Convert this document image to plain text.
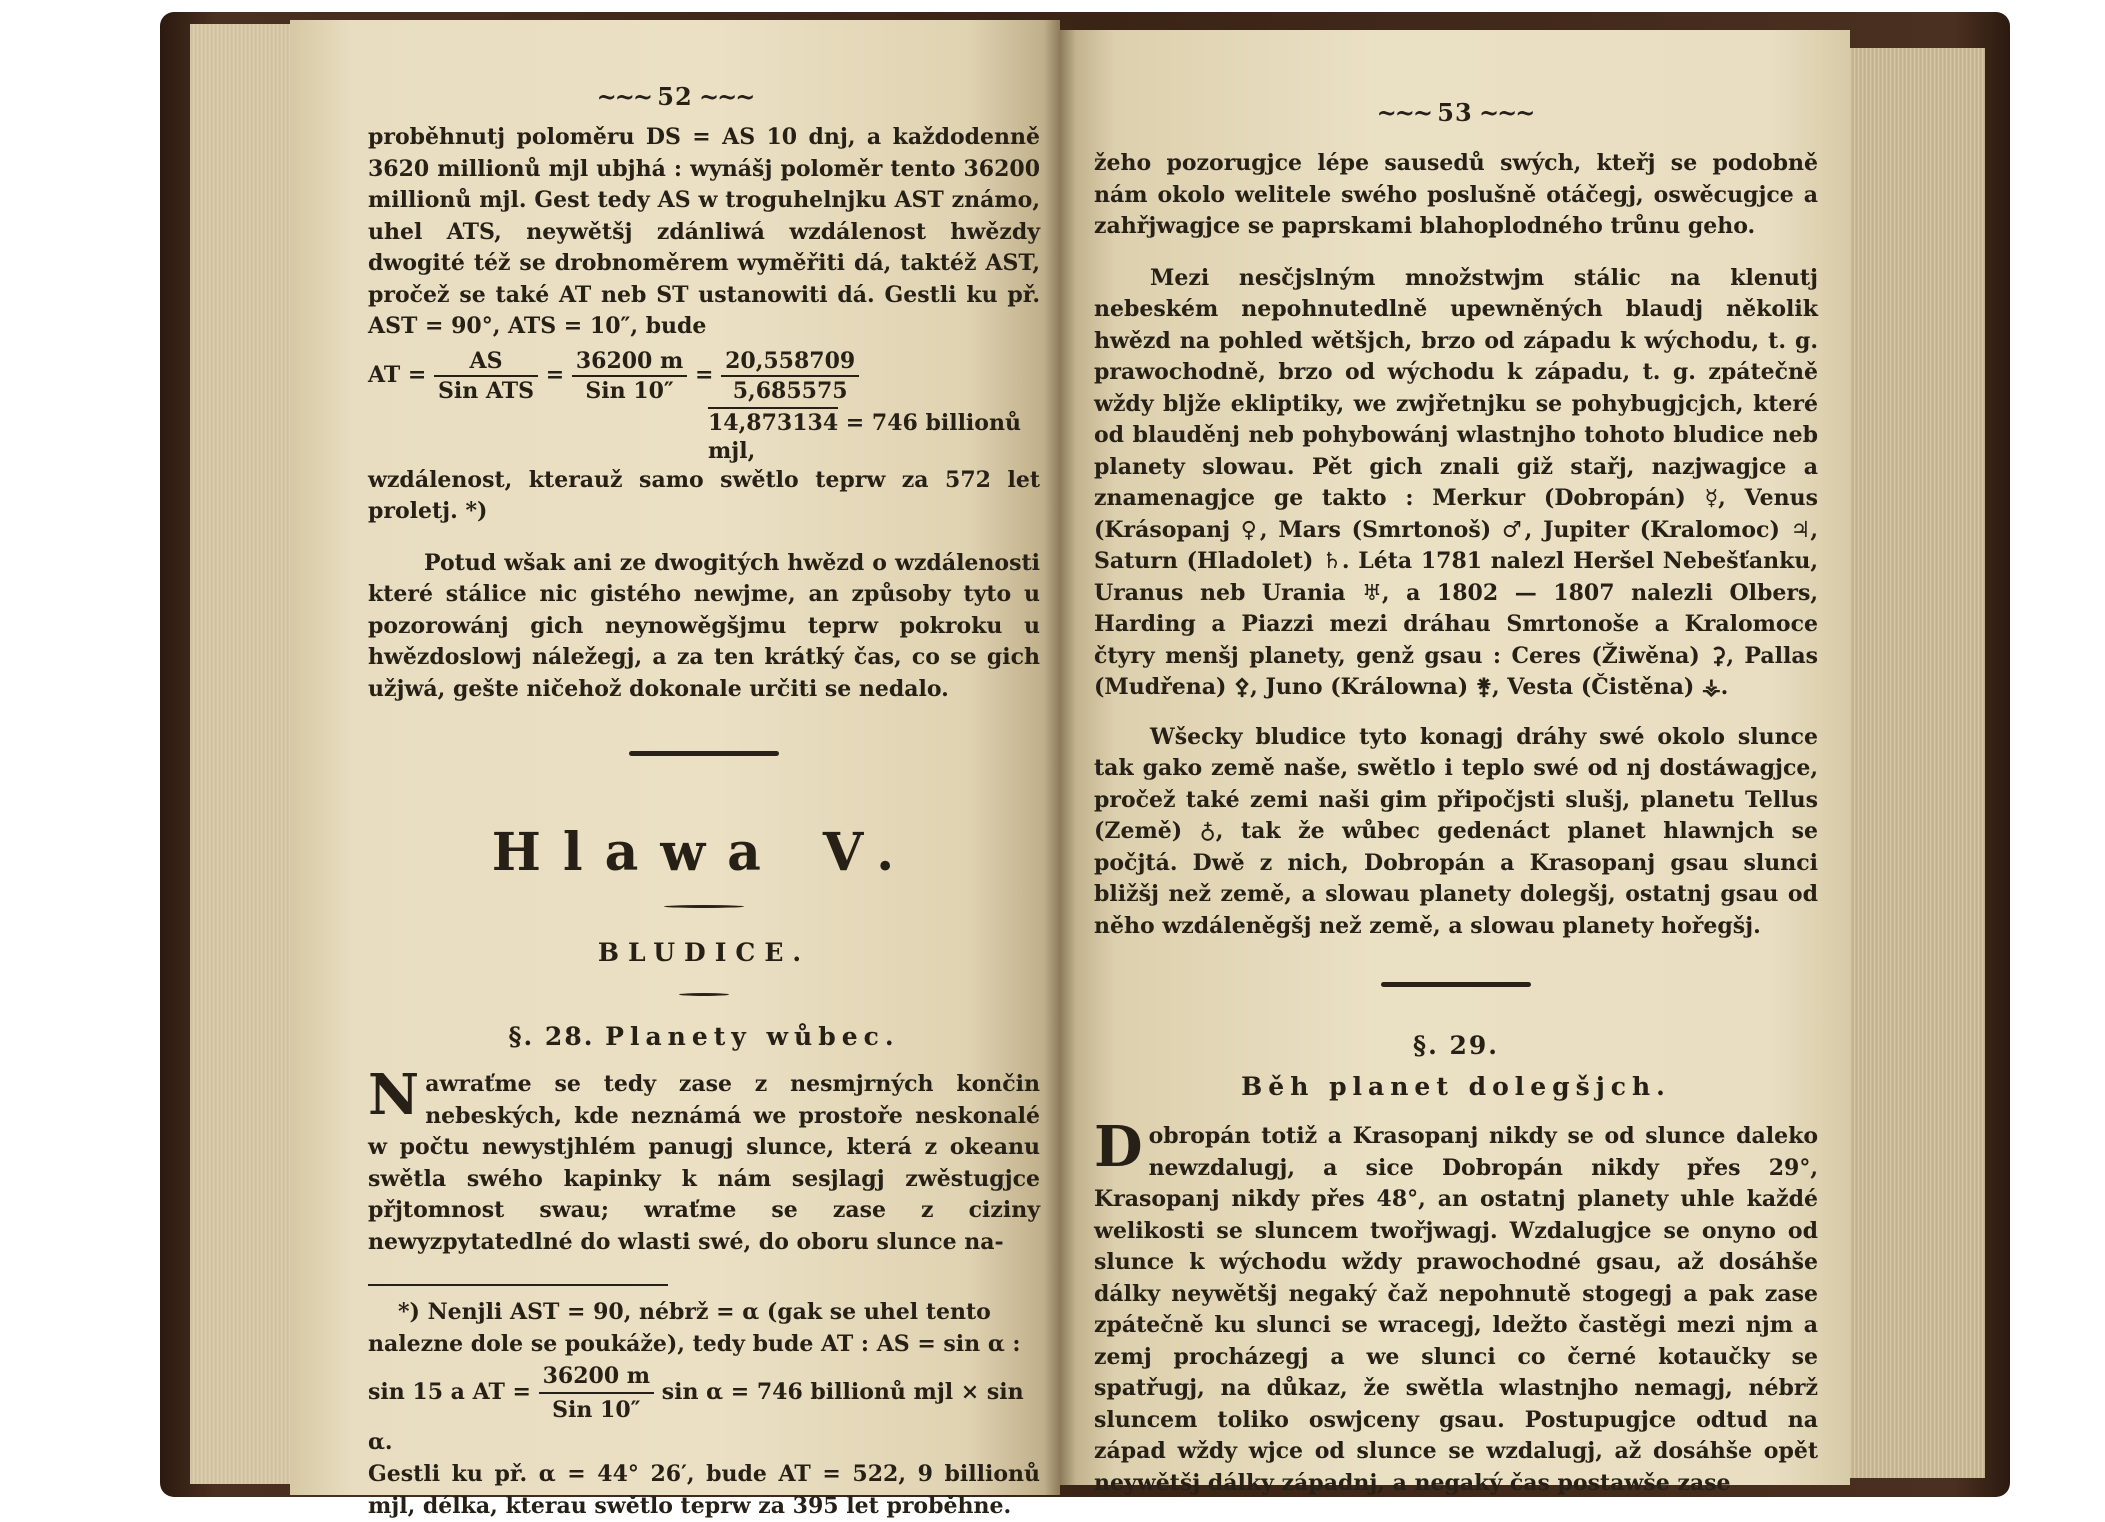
~~~ 52 ~~~

proběhnutj poloměru DS = AS 10 dnj, a každodenně 3620 millionů mjl ubjhá : wynášj poloměr tento 36200 millionů mjl. Gest tedy AS w troguhelnjku AST známo, uhel ATS, neywětšj zdánliwá wzdálenost hwězdy dwogité též se drobnoměrem wyměřiti dá, taktéž AST, pročež se také AT neb ST ustanowiti dá. Gestli ku př. AST = 90°, ATS = 10″, bude

AT = $\frac{AS}{\text{Sin ATS}} = \frac{36200 m}{\text{Sin 10″}} = \frac{20,558709}{5,685575}$
14,873134 = 746 billionů mjl,

wzdálenost, kterauž samo swětlo teprw za 572 let proletj. *)

Potud wšak ani ze dwogitých hwězd o wzdálenosti které stálice nic gistého newjme, an způsoby tyto u pozorowánj gich neynowěgšjmu teprw pokroku u hwězdoslowj náležegj, a za ten krátký čas, co se gich užjwá, gešte ničehož dokonale určiti se nedalo.

Hlawa V.
BLUDICE.
§. 28. Planety wůbec.
N awraťme se tedy zase z nesmjrných končin nebeských, kde neznámá we prostoře neskonalé w počtu newystjhlém panugj slunce, která z okeanu swětla swého kapinky k nám sesjlagj zwěstugjce přjtomnost swau; wraťme se zase z ciziny newyzpytatedlné do wlasti swé, do oboru slunce na-

*) Nenjli AST = 90, nébrž = α (gak se uhel tento nalezne dole se poukáže), tedy bude AT : AS = sin α :
sin 15 a AT = $\frac{36200 m}{\text{Sin 10″}}$ sin α = 746 billionů mjl × sin α.
Gestli ku př. α = 44° 26′, bude AT = 522, 9 billionů mjl, délka, kterau swětlo teprw za 395 let proběhne.
~~~ 53 ~~~

žeho pozorugjce lépe sausedů swých, kteřj se podobně nám okolo welitele swého poslušně otáčegj, oswěcugjce a zahřjwagjce se paprskami blahoplodného trůnu geho.

Mezi nesčjslným množstwjm stálic na klenutj nebeském nepohnutedlně upewněných blaudj několik hwězd na pohled wětšjch, brzo od západu k wýchodu, t. g. prawochodně, brzo od wýchodu k západu, t. g. zpátečně wždy bljže ekliptiky, we zwjřetnjku se pohybugjcjch, které od blauděnj neb pohybowánj wlastnjho tohoto bludice neb planety slowau. Pět gich znali giž stařj, nazjwagjce a znamenagjce ge takto : Merkur (Dobropán) ☿, Venus (Krásopanj ♀, Mars (Smrtonoš) ♂, Jupiter (Kralomoc) ♃, Saturn (Hladolet) ♄. Léta 1781 nalezl Heršel Nebešťanku, Uranus neb Urania ♅, a 1802 — 1807 nalezli Olbers, Harding a Piazzi mezi dráhau Smrtonoše a Kralomoce čtyry menšj planety, genž gsau : Ceres (Žiwěna) ⚳, Pallas (Mudřena) ⚴, Juno (Králowna) ⚵, Vesta (Čistěna) ⚶.

Wšecky bludice tyto konagj dráhy swé okolo slunce tak gako země naše, swětlo i teplo swé od nj dostáwagjce, pročež také zemi naši gim připočjsti slušj, planetu Tellus (Země) ♁, tak že wůbec gedenáct planet hlawnjch se počjtá. Dwě z nich, Dobropán a Krasopanj gsau slunci bližšj než země, a slowau planety dolegšj, ostatnj gsau od něho wzdáleněgšj než země, a slowau planety hořegšj.

§. 29.
Běh planet dolegšjch.
D obropán totiž a Krasopanj nikdy se od slunce daleko newzdalugj, a sice Dobropán nikdy přes 29°, Krasopanj nikdy přes 48°, an ostatnj planety uhle každé welikosti se sluncem twořjwagj. Wzdalugjce se onyno od slunce k wýchodu wždy prawochodné gsau, až dosáhše dálky neywětšj negaký čaž nepohnutě stogegj a pak zase zpátečně ku slunci se wracegj, ldežto častěgi mezi njm a zemj procházegj a we slunci co černé kotaučky se spatřugj, na důkaz, že swětla wlastnjho nemagj, nébrž sluncem toliko oswjceny gsau. Postupugjce odtud na západ wždy wjce od slunce se wzdalugj, až dosáhše opět neywětšj dálky západnj, a negaký čas postawše zase
